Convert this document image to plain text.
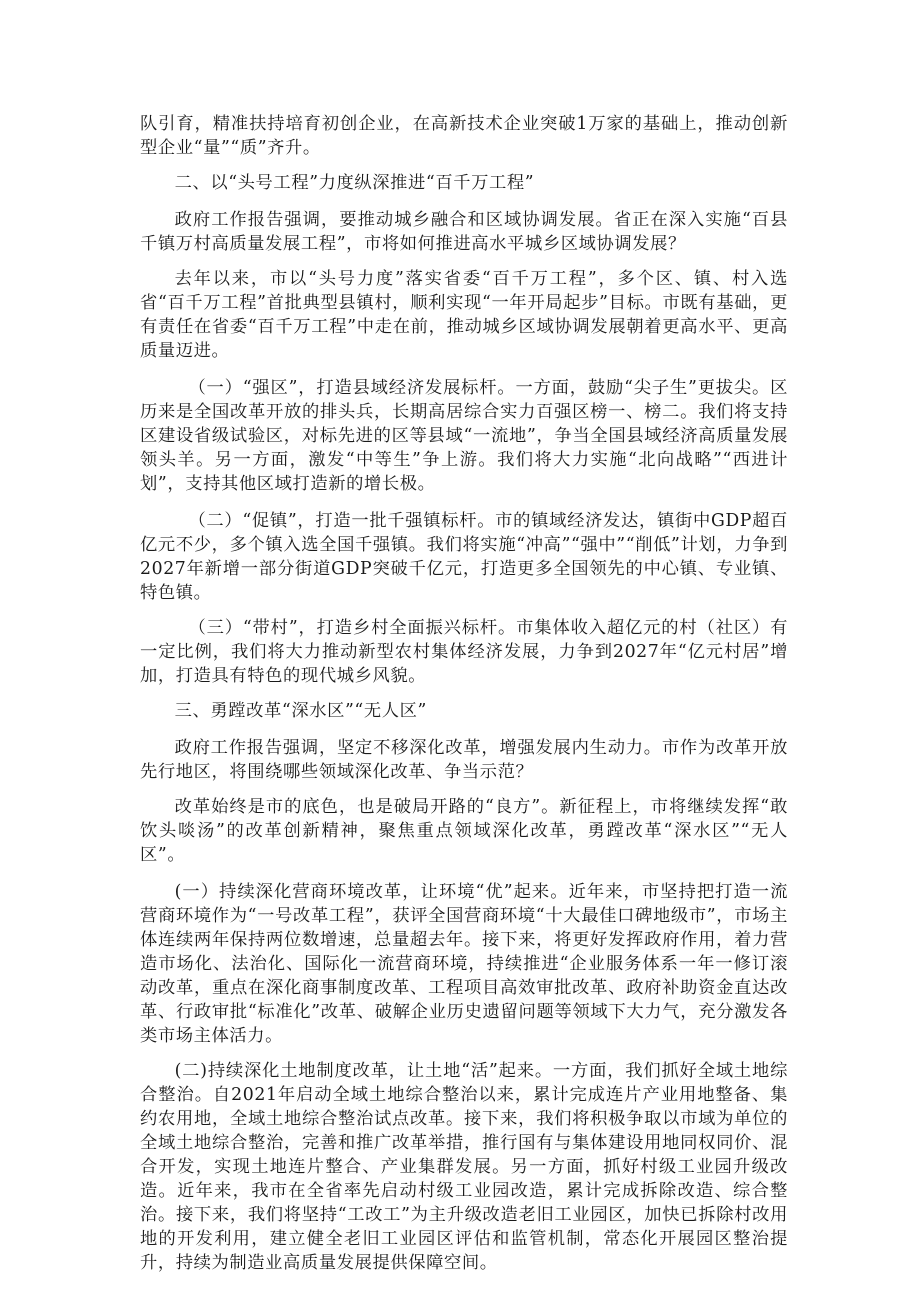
队引育，精准扶持培育初创企业，在高新技术企业突破1万家的基础上，推动创新型企业“量”“质”齐升。

二、以“头号工程”力度纵深推进“百千万工程”

政府工作报告强调，要推动城乡融合和区域协调发展。省正在深入实施“百县千镇万村高质量发展工程”，市将如何推进高水平城乡区域协调发展？

去年以来，市以“头号力度”落实省委“百千万工程”，多个区、镇、村入选省“百千万工程”首批典型县镇村，顺利实现“一年开局起步”目标。市既有基础，更有责任在省委“百千万工程”中走在前，推动城乡区域协调发展朝着更高水平、更高质量迈进。

（一）“强区”，打造县域经济发展标杆。一方面，鼓励“尖子生”更拔尖。区历来是全国改革开放的排头兵，长期高居综合实力百强区榜一、榜二。我们将支持区建设省级试验区，对标先进的区等县域“一流地”，争当全国县域经济高质量发展领头羊。另一方面，激发“中等生”争上游。我们将大力实施“北向战略”“西进计划”，支持其他区域打造新的增长极。

（二）“促镇”，打造一批千强镇标杆。市的镇域经济发达，镇街中GDP超百亿元不少，多个镇入选全国千强镇。我们将实施“冲高”“强中”“削低”计划，力争到2027年新增一部分街道GDP突破千亿元，打造更多全国领先的中心镇、专业镇、特色镇。

（三）“带村”，打造乡村全面振兴标杆。市集体收入超亿元的村（社区）有一定比例，我们将大力推动新型农村集体经济发展，力争到2027年“亿元村居”增加，打造具有特色的现代城乡风貌。

三、勇蹚改革“深水区”“无人区”

政府工作报告强调，坚定不移深化改革，增强发展内生动力。市作为改革开放先行地区，将围绕哪些领域深化改革、争当示范？

改革始终是市的底色，也是破局开路的“良方”。新征程上，市将继续发挥“敢饮头啖汤”的改革创新精神，聚焦重点领域深化改革，勇蹚改革“深水区”“无人区”。

(一）持续深化营商环境改革，让环境“优”起来。近年来，市坚持把打造一流营商环境作为“一号改革工程”，获评全国营商环境“十大最佳口碑地级市”，市场主体连续两年保持两位数增速，总量超去年。接下来，将更好发挥政府作用，着力营造市场化、法治化、国际化一流营商环境，持续推进“企业服务体系一年一修订滚动改革，重点在深化商事制度改革、工程项目高效审批改革、政府补助资金直达改革、行政审批“标准化”改革、破解企业历史遗留问题等领域下大力气，充分激发各类市场主体活力。

(二)持续深化土地制度改革，让土地“活”起来。一方面，我们抓好全域土地综合整治。自2021年启动全域土地综合整治以来，累计完成连片产业用地整备、集约农用地，全域土地综合整治试点改革。接下来，我们将积极争取以市域为单位的全域土地综合整治，完善和推广改革举措，推行国有与集体建设用地同权同价、混合开发，实现土地连片整合、产业集群发展。另一方面，抓好村级工业园升级改造。近年来，我市在全省率先启动村级工业园改造，累计完成拆除改造、综合整治。接下来，我们将坚持“工改工”为主升级改造老旧工业园区，加快已拆除村改用地的开发利用，建立健全老旧工业园区评估和监管机制，常态化开展园区整治提升，持续为制造业高质量发展提供保障空间。
